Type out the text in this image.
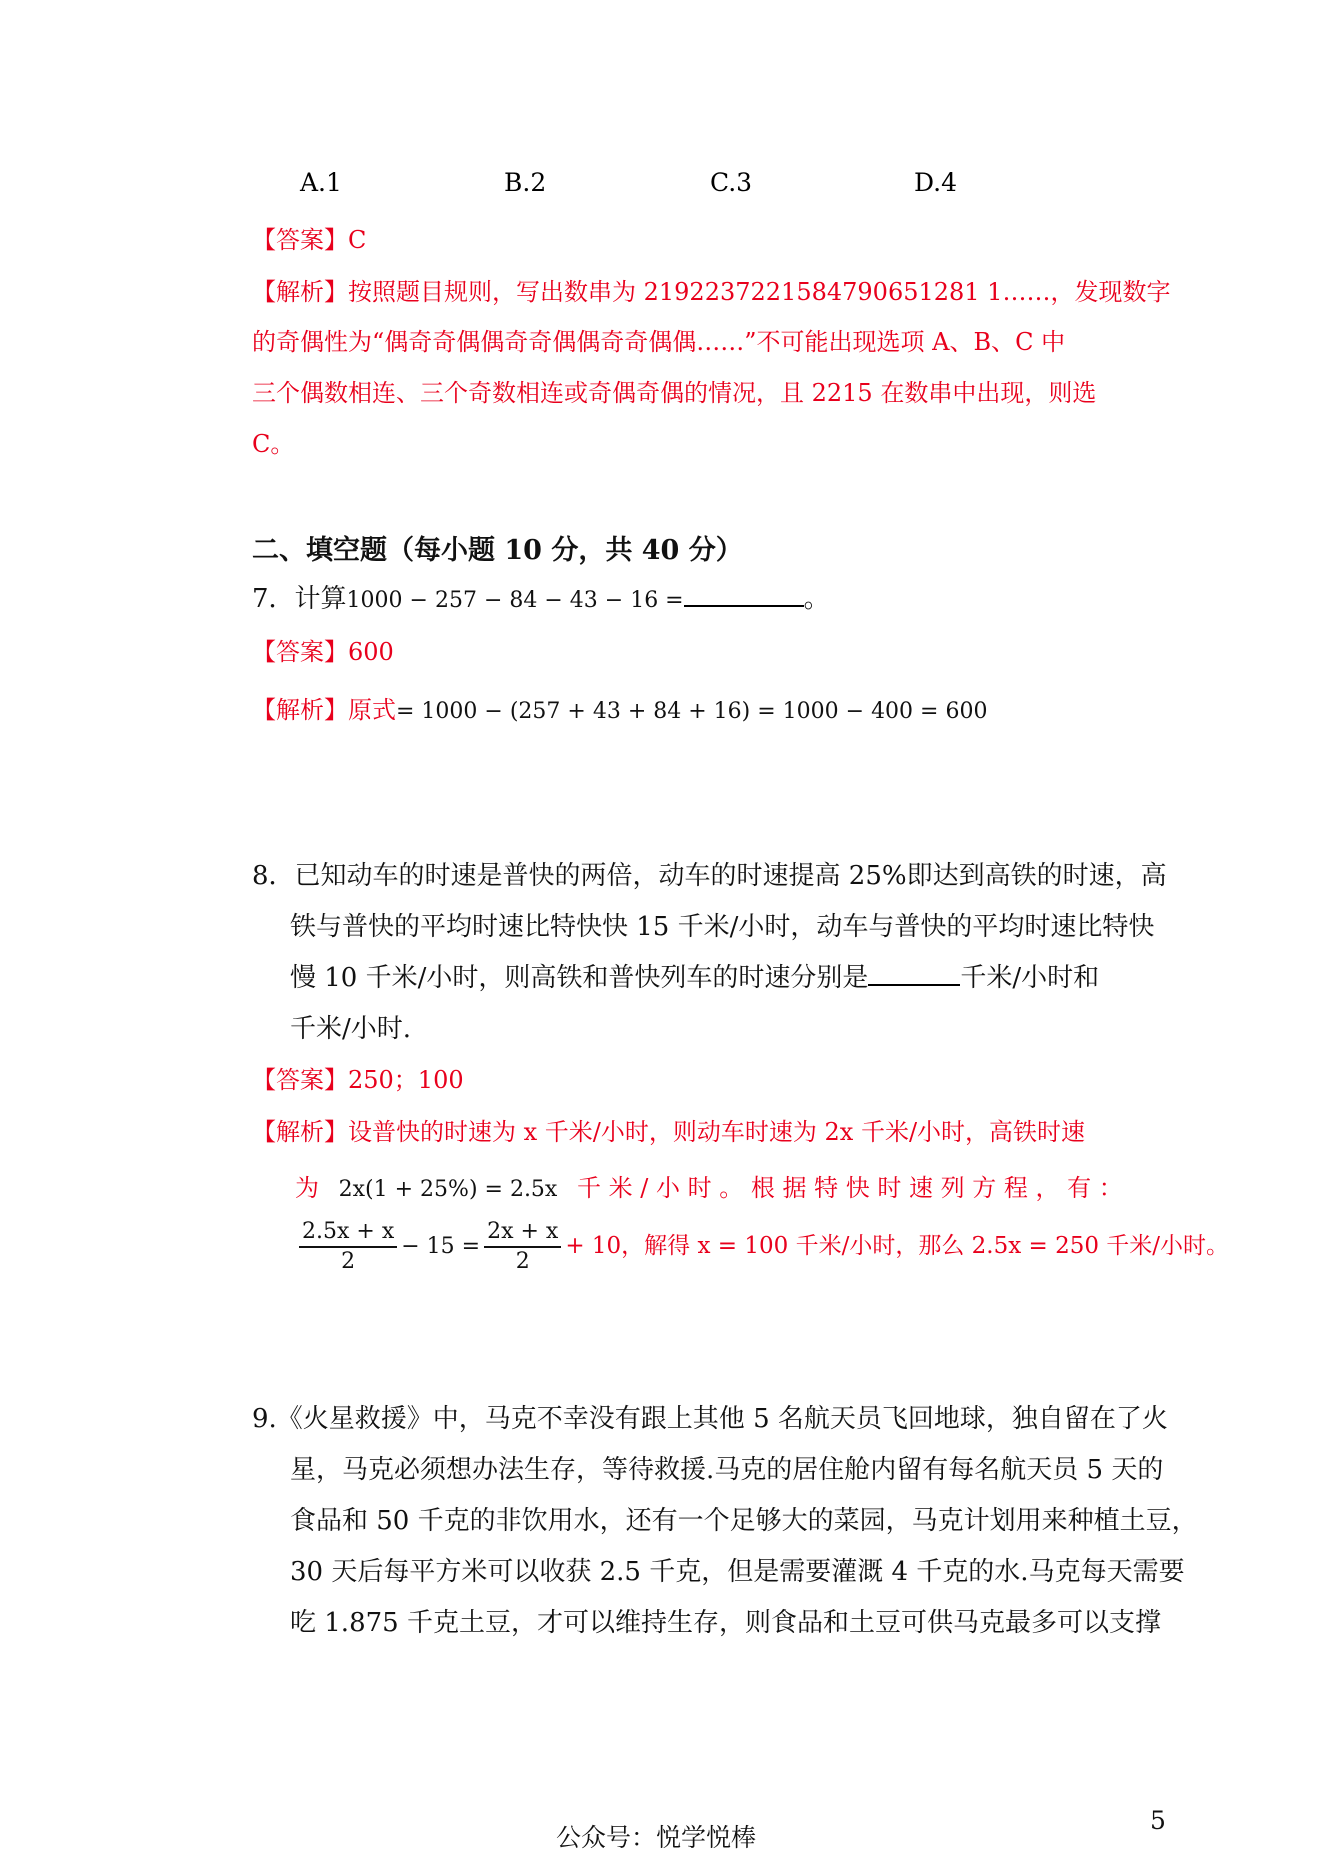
A.1	B.2	C.3	D.4
【答案】C
【解析】按照题目规则，写出数串为 2192237221584790651281 1……，发现数字
的奇偶性为“偶奇奇偶偶奇奇偶偶奇奇偶偶……”不可能出现选项 A、B、C 中
三个偶数相连、三个奇数相连或奇偶奇偶的情况，且 2215 在数串中出现，则选
C。
二、填空题（每小题 10 分，共 40 分）
7．计算1000 − 257 − 84 − 43 − 16 =	。
【答案】600
【解析】原式= 1000 − (257 + 43 + 84 + 16) = 1000 − 400 = 600
8．已知动车的时速是普快的两倍，动车的时速提高 25%即达到高铁的时速，高
铁与普快的平均时速比特快快 15 千米/小时，动车与普快的平均时速比特快
慢 10 千米/小时，则高铁和普快列车的时速分别是	千米/小时和
千米/小时.
【答案】250；100
【解析】设普快的时速为 x 千米/小时，则动车时速为 2x 千米/小时，高铁时速
为 2x(1 + 25%) = 2.5x 千 米 / 小 时 。 根 据 特 快 时 速 列 方 程 ， 有 ：
$\frac{2.5x + x}{2} - 15 = \frac{2x + x}{2} + 10$，解得 x = 100 千米/小时，那么 2.5x = 250 千米/小时。
9.《火星救援》中，马克不幸没有跟上其他 5 名航天员飞回地球，独自留在了火
星，马克必须想办法生存，等待救援.马克的居住舱内留有每名航天员 5 天的
食品和 50 千克的非饮用水，还有一个足够大的菜园，马克计划用来种植土豆，
30 天后每平方米可以收获 2.5 千克，但是需要灌溉 4 千克的水.马克每天需要
吃 1.875 千克土豆，才可以维持生存，则食品和土豆可供马克最多可以支撑
公众号：悦学悦棒
5
